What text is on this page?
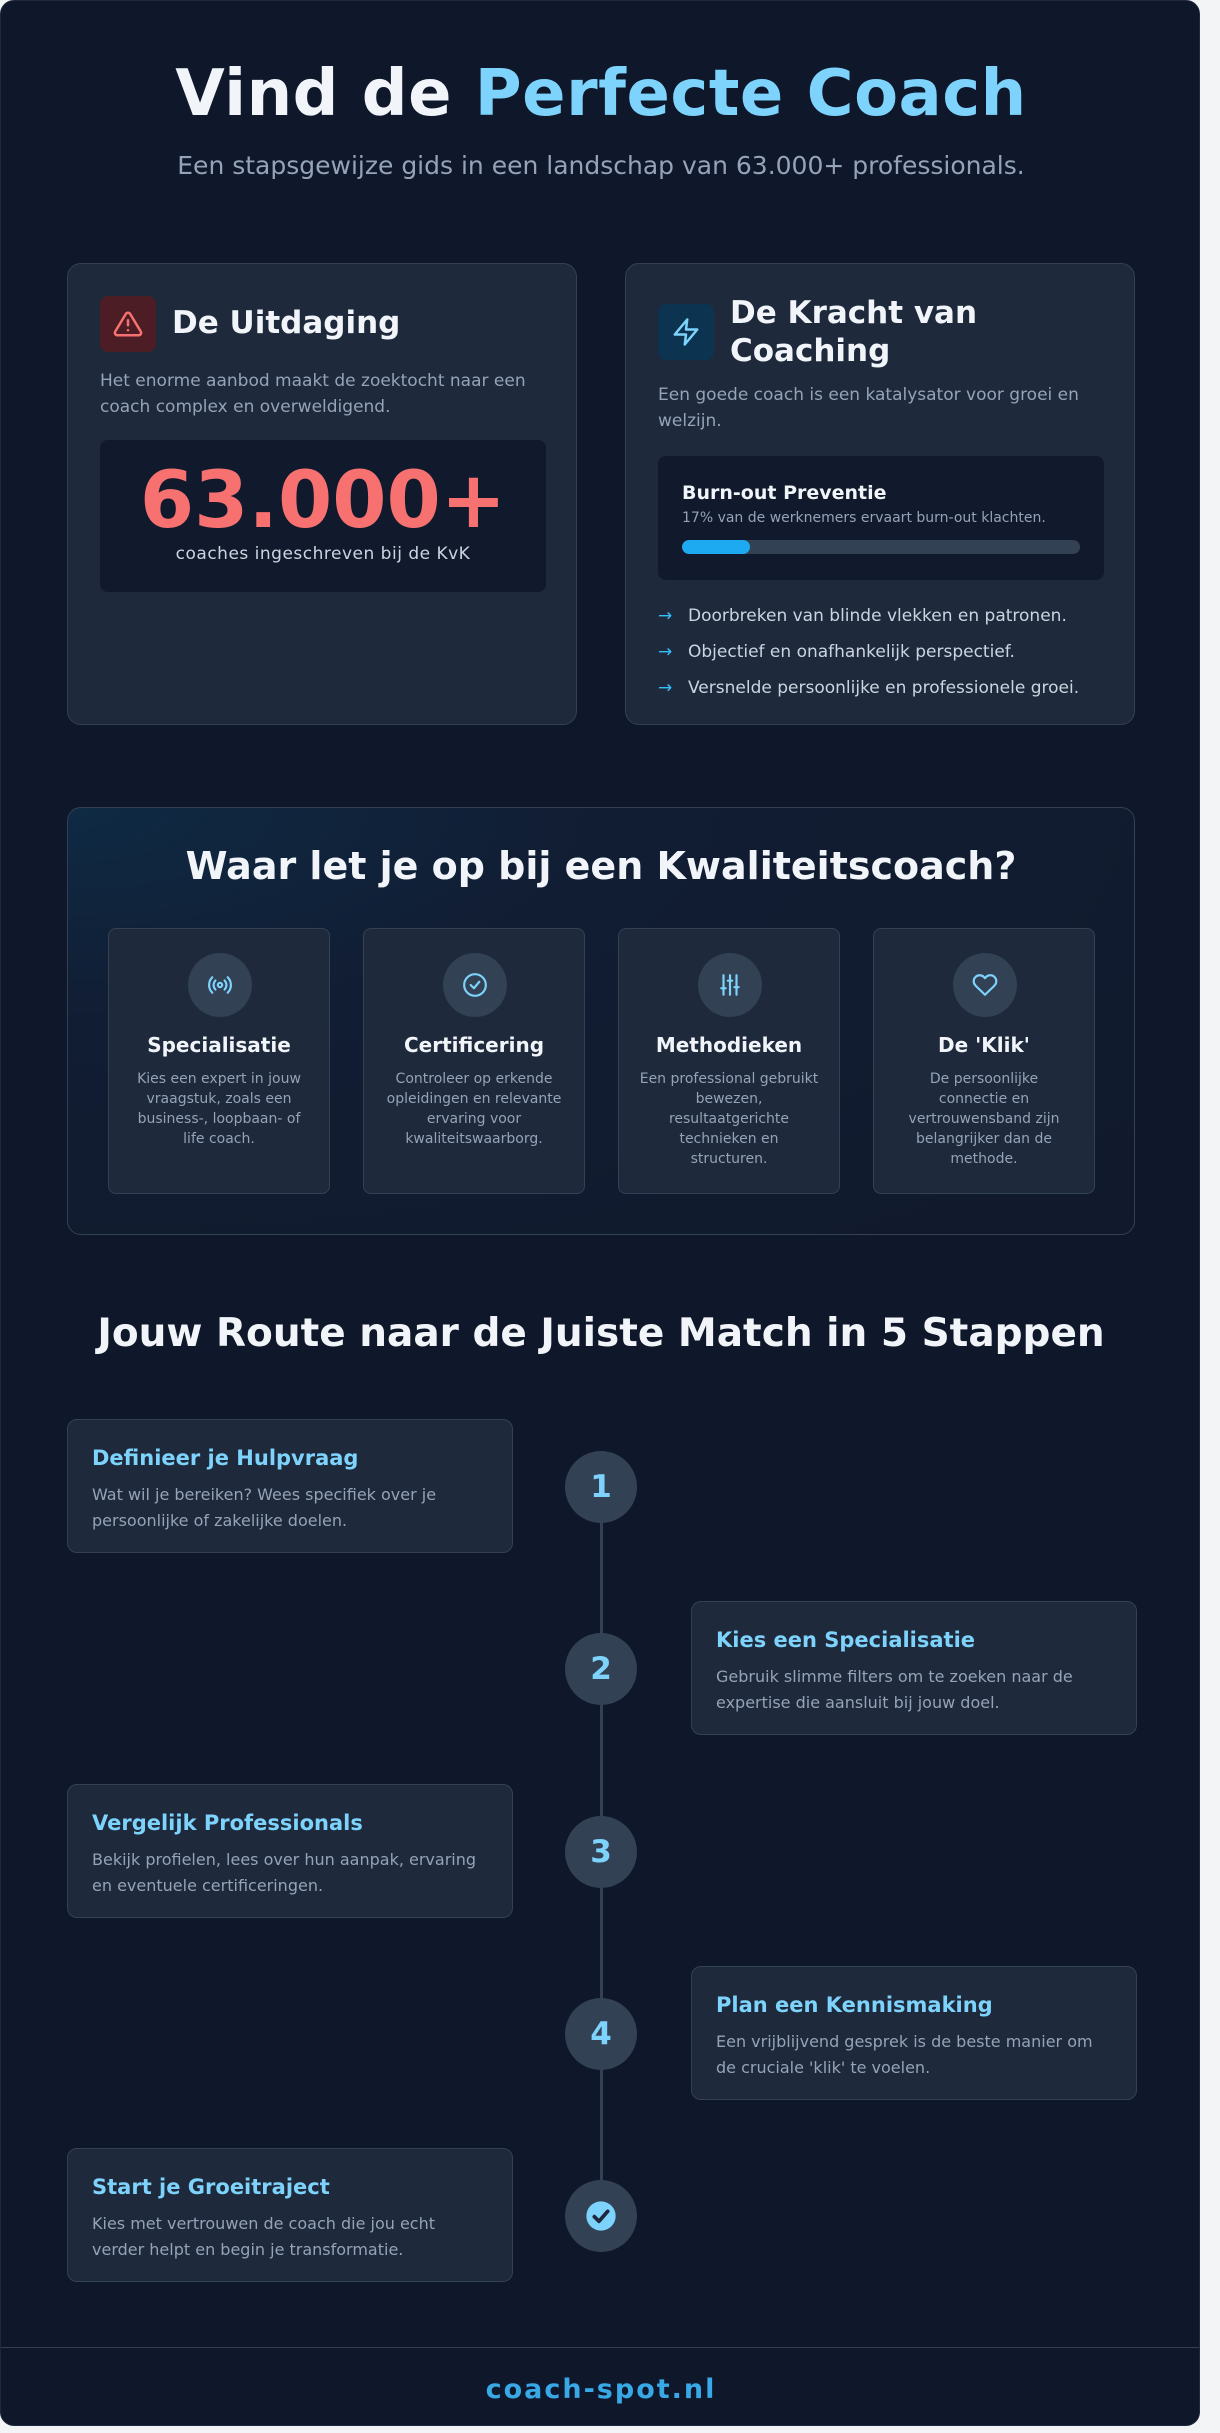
Vind de Perfecte Coach
Een stapsgewijze gids in een landschap van 63.000+ professionals.
De Uitdaging

Het enorme aanbod maakt de zoektocht naar een coach complex en overweldigend.

63.000+
coaches ingeschreven bij de KvK
De Kracht van Coaching

Een goede coach is een katalysator voor groei en welzijn.

Burn-out Preventie
17% van de werknemers ervaart burn-out klachten.
→ Doorbreken van blinde vlekken en patronen.
→ Objectief en onafhankelijk perspectief.
→ Versnelde persoonlijke en professionele groei.
Waar let je op bij een Kwaliteitscoach?
Specialisatie

Kies een expert in jouw vraagstuk, zoals een business-, loopbaan- of life coach.

Certificering

Controleer op erkende opleidingen en relevante ervaring voor kwaliteitswaarborg.

Methodieken

Een professional gebruikt bewezen, resultaatgerichte technieken en structuren.

De 'Klik'

De persoonlijke connectie en vertrouwensband zijn belangrijker dan de methode.

Jouw Route naar de Juiste Match in 5 Stappen
Definieer je Hulpvraag

Wat wil je bereiken? Wees specifiek over je persoonlijke of zakelijke doelen.

1
Kies een Specialisatie

Gebruik slimme filters om te zoeken naar de expertise die aansluit bij jouw doel.

2
Vergelijk Professionals

Bekijk profielen, lees over hun aanpak, ervaring en eventuele certificeringen.

3
Plan een Kennismaking

Een vrijblijvend gesprek is de beste manier om de cruciale 'klik' te voelen.

4
Start je Groeitraject

Kies met vertrouwen de coach die jou echt verder helpt en begin je transformatie.

coach-spot.nl
